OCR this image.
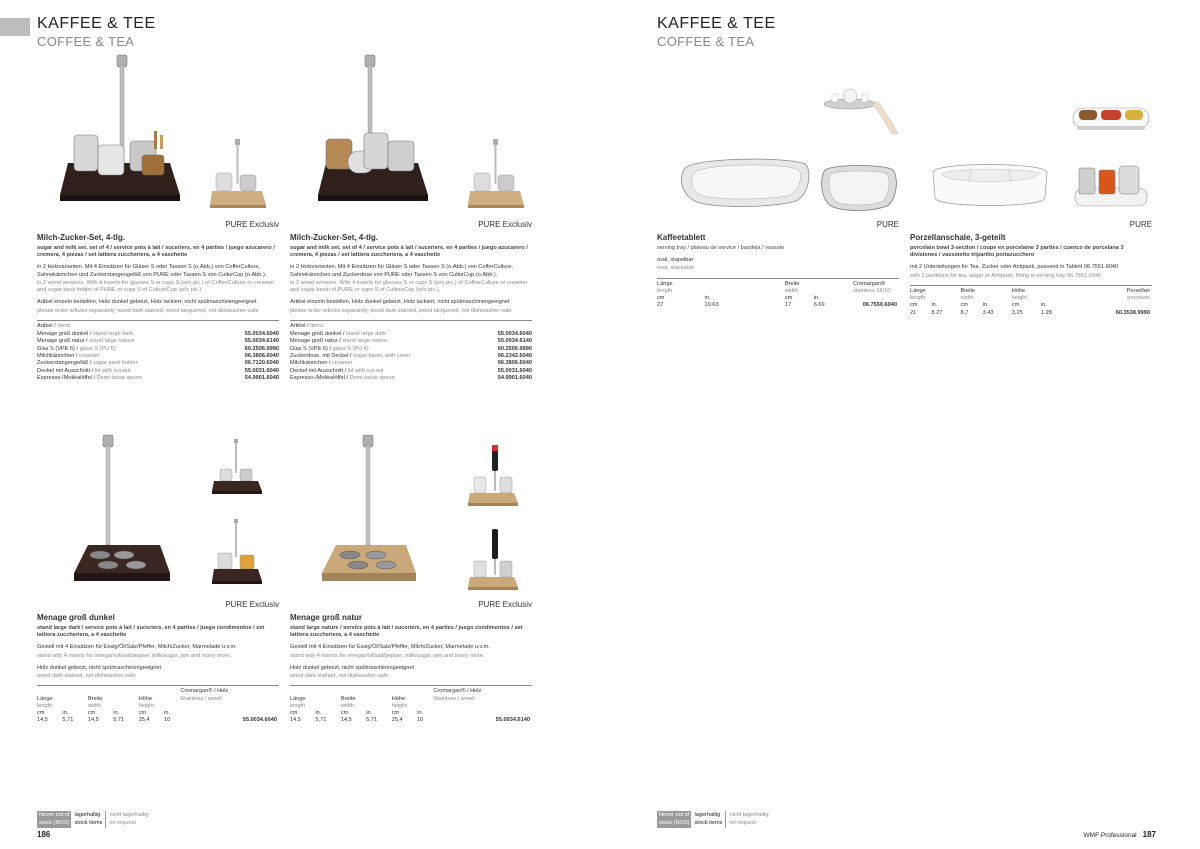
KAFFEE & TEE
COFFEE & TEA
PURE Exclusiv
Milch-Zucker-Set, 4-tlg.
sugar and milk set, set of 4 / service pots à lait / suceriers, en 4 parties / juego azucarero / cremera, 4 piezas / set lattiera zuccheriera, a 4 vaschette
in 2 Holzvarianten. Mit 4 Einsätzen für Gläser S oder Tassen S (o.Abb.) von CofferCulture, Sahnekännchen und Zuckerstangengefäß von PURE oder Tassen S von CulturCup (o.Abb.).
in 2 wood versions. With 4 inserts for glasses S or cups S (w/o pic.) of CoffeeCulture or creamer and sugar pack holder of PURE or cups S of CultureCup (w/o pic.).
Artikel einzeln bestellen, Holz dunkel gebeizt, Holz lackiert, nicht spülmaschinengeeignet
please order articles separately, wood dark stained, wood lacquered, not dishwasher-safe
Artikel / items
Menage groß dunkel / stand large dark	55.0034.6040
Menage groß natur / stand large nature	55.0034.6140
Glas S (VPE 6) / glass S (PU 6)	60.2506.9990
Milchkännchen / creamer	06.3806.6040
Zuckerstangengefäß / sugar pack holder	06.7120.6040
Deckel mit Ausschnitt / lid with cut-out	55.0031.6040
Espresso-/Mokkalöffel / Demi-tasse spoon	54.9901.6040
PURE Exclusiv
Milch-Zucker-Set, 4-tlg.
sugar and milk set, set of 4 / service pots à lait / suceriers, en 4 parties / juego azucarero / cremera, 4 piezas / set lattiera zuccheriera, a 4 vaschette
in 2 Holzvarianten. Mit 4 Einsätzen für Gläser S oder Tassen S (o.Abb.) von CofferCulture, Sahnekännchen und Zuckerdose von PURE oder Tassen S von CulturCup (o.Abb.).
in 2 wood versions. With 4 inserts for glasses S or cups S (w/o pic.) of CoffeeCulture or creamer and sugar basin of PURE or cups S of CultureCup (w/o pic.).
Artikel einzeln bestellen, Holz dunkel gebeizt, Holz lackiert, nicht spülmaschinengeeignet
please order articles separately, wood dark stained, wood lacquered, not dishwasher-safe
Artikel / items
Menage groß dunkel / stand large dark	55.0034.6040
Menage groß natur / stand large nature	55.0034.6140
Glas S (VPE 6) / glass S (PU 6)	60.2506.9990
Zuckerdose, mit Deckel / sugar basin, with cover	06.2342.6040
Milchkännchen / creamer	06.3806.6040
Deckel mit Ausschnitt / lid with cut-out	55.0031.6040
Espresso-/Mokkalöffel / Demi-tasse spoon	54.9901.6040
PURE Exclusiv
Menage groß dunkel
stand large dark / service pots à lait / suceriers, en 4 parties / juego condimentos / set lattiera zuccheriera, a 4 vaschette
Gestell mit 4 Einsätzen für Essig/Öl/Salz/Pfeffer, Milch/Zucker, Marmelade u.v.m.
stand with 4 inserts for vinegar/oil/salt/pepper, milk/sugar, jam and many more.
Holz dunkel gebeizt, nicht spülmaschinengeeignet
wood dark stained, not dishwasher-safe
						Cromargan® / Holz
Länge		Breite		Höhe		Stainless / wood
length		width		height		
cm	in.	cm	in.	cm	in.	
14,5	5,71	14,5	5,71	25,4	10	55.0034.6040
PURE Exclusiv
Menage groß natur
stand large nature / service pots à lait / suceriers, en 4 parties / juego condimentos / set lattiera zuccheriera, a 4 vaschette
Gestell mit 4 Einsätzen für Essig/Öl/Salz/Pfeffer, Milch/Zucker, Marmelade u.v.m.
stand with 4 inserts for vinegar/oil/salt/pepper, milk/sugar, jam and many more.
Holz dunkel gebeizt, nicht spülmaschinengeeignet
wood dark stained, not dishwasher-safe
						Cromargan® / Holz
Länge		Breite		Höhe		Stainless / wood
length		width		height		
cm	in.	cm	in.	cm	in.	
14,5	5,71	14,5	5,71	25,4	10	55.0034.6140
Never out of
stock (NOS)
lagerhaltig
stock items
nicht lagerhaltig
on request
186
KAFFEE & TEE
COFFEE & TEA
PURE
Kaffeetablett
serving tray / plateau de service / bandeja / vassoio
oval, stapelbar
oval, stackable
Länge		Breite		Cromargan®
length		width		stainless 18/10
cm	in.	cm	in.	
27	10.63	17	6.69	06.7550.6040
PURE
Porzellanschale, 3-geteilt
porcelain bowl 3-section / coupe en porcelaine 3 parties / cuenco de porcelana 3 divisiones / vassoietto tripartito portazucchero
mit 2 Unterteilungen für Tee, Zucker oder Antipasti, passend in Tablett 06.7551.6040
with 2 partitions for tea, sugar or Antipasti, fitting in serving tray 06.7551.6040
Länge		Breite		Höhe		Porzellan
length		width		height		porcelain
cm	in.	cm	in.	cm	in.	
21	8.27	8,7	3.43	3,25	1.28	60.3538.9990
Never out of
stock (NOS)
lagerhaltig
stock items
nicht lagerhaltig
on request
WMF Professional 187
